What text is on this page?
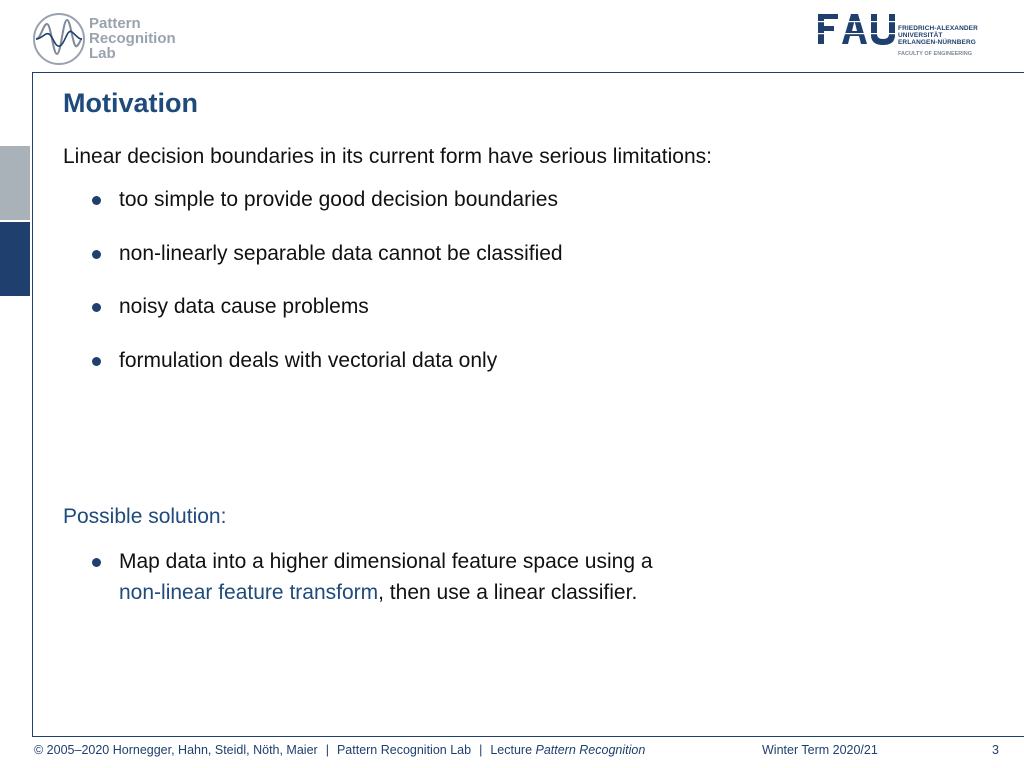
Pattern
Recognition
Lab
FRIEDRICH-ALEXANDER
UNIVERSITÄT
ERLANGEN-NÜRNBERG
FACULTY OF ENGINEERING
Motivation
Linear decision boundaries in its current form have serious limitations:
too simple to provide good decision boundaries
non-linearly separable data cannot be classified
noisy data cause problems
formulation deals with vectorial data only
Possible solution:
Map data into a higher dimensional feature space using a
non-linear feature transform, then use a linear classifier.
© 2005–2020 Hornegger, Hahn, Steidl, Nöth, Maier | Pattern Recognition Lab | Lecture Pattern Recognition	Winter Term 2020/21	3
